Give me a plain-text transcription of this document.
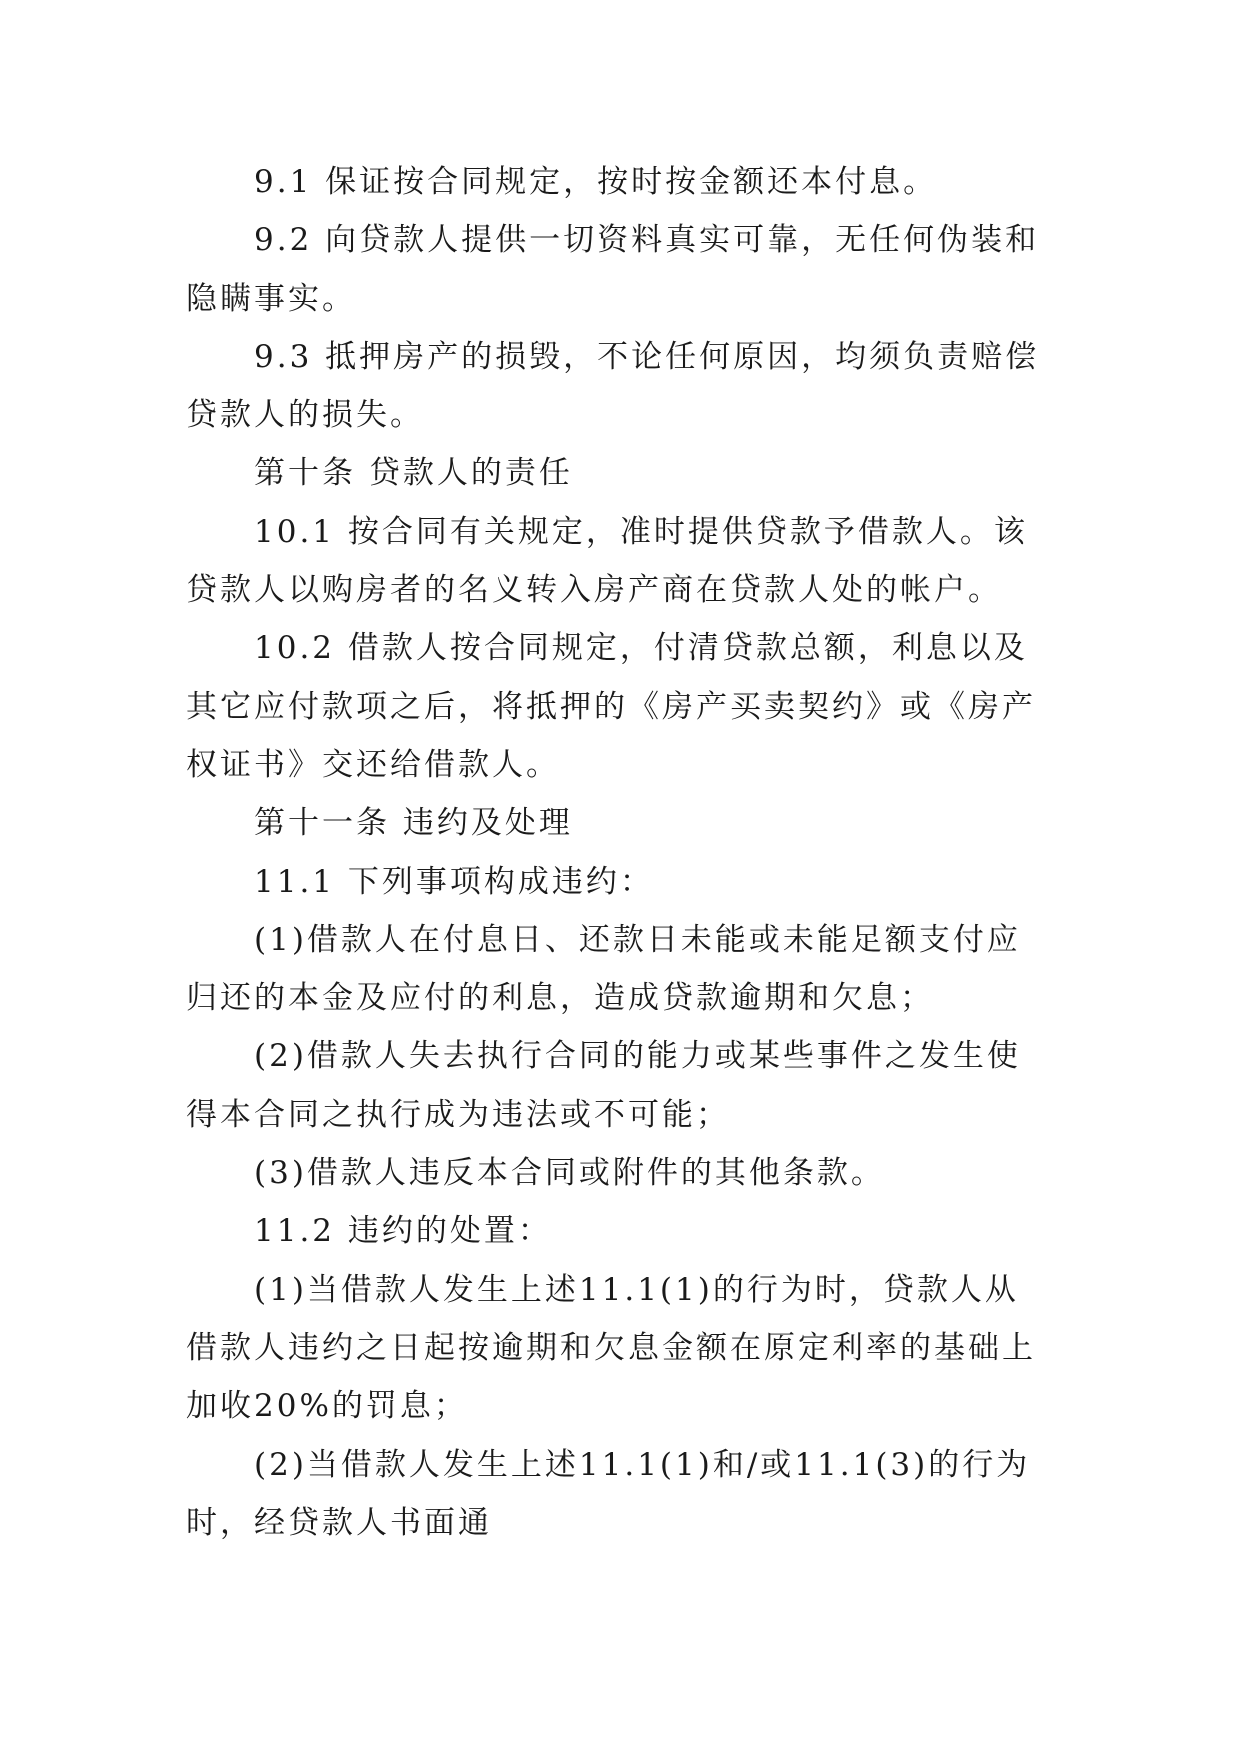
9.1 保证按合同规定，按时按金额还本付息。

9.2 向贷款人提供一切资料真实可靠，无任何伪装和隐瞒事实。

9.3 抵押房产的损毁，不论任何原因，均须负责赔偿贷款人的损失。

第十条 贷款人的责任

10.1 按合同有关规定，准时提供贷款予借款人。该贷款人以购房者的名义转入房产商在贷款人处的帐户。

10.2 借款人按合同规定，付清贷款总额，利息以及其它应付款项之后，将抵押的《房产买卖契约》或《房产权证书》交还给借款人。

第十一条 违约及处理

11.1 下列事项构成违约：

(1)借款人在付息日、还款日未能或未能足额支付应归还的本金及应付的利息，造成贷款逾期和欠息；

(2)借款人失去执行合同的能力或某些事件之发生使得本合同之执行成为违法或不可能；

(3)借款人违反本合同或附件的其他条款。

11.2 违约的处置：

(1)当借款人发生上述11.1(1)的行为时，贷款人从借款人违约之日起按逾期和欠息金额在原定利率的基础上加收20%的罚息；

(2)当借款人发生上述11.1(1)和/或11.1(3)的行为时，经贷款人书面通
